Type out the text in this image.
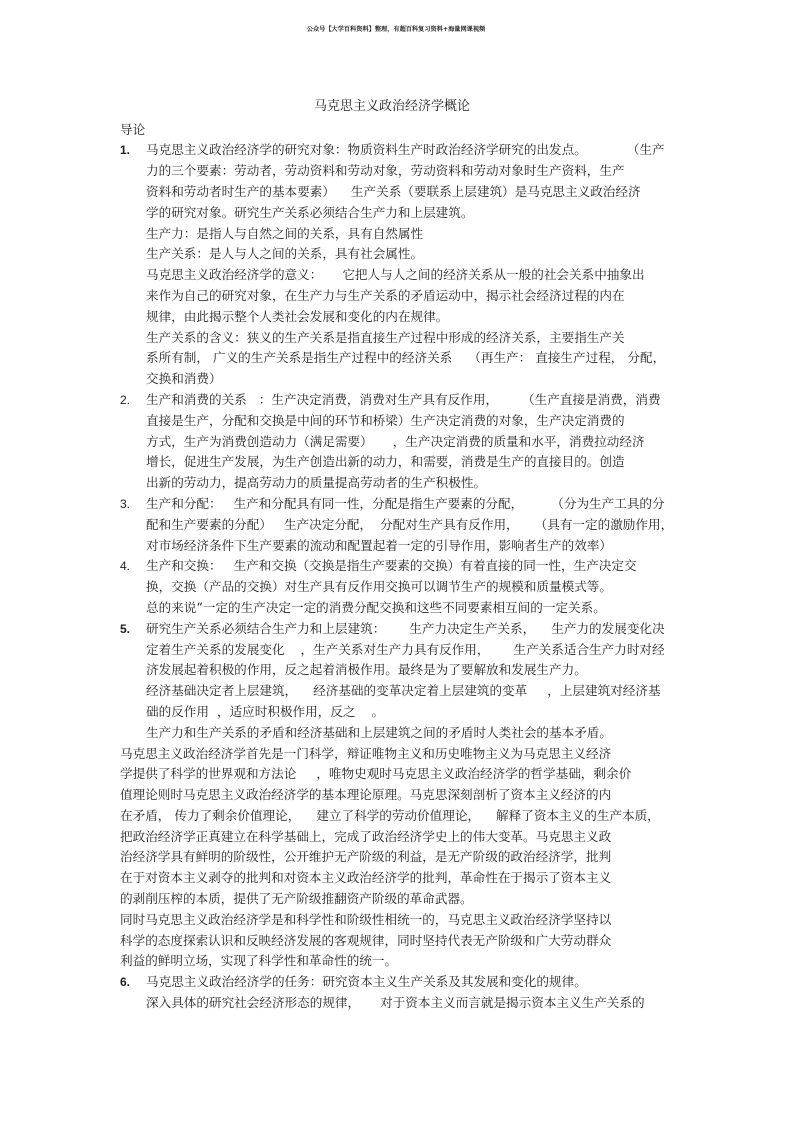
公众号【大学百科资料】整理，有超百科复习资料+海量网课视频
马克思主义政治经济学概论
导论
1. 马克思主义政治经济学的研究对象：物质资料生产时政治经济学研究的出发点。          （生产
力的三个要素：劳动者，劳动资料和劳动对象，劳动资料和劳动对象时生产资料，生产
资料和劳动者时生产的基本要素）    生产关系（要联系上层建筑）是马克思主义政治经济
学的研究对象。研究生产关系必须结合生产力和上层建筑。
生产力：是指人与自然之间的关系，具有自然属性
生产关系：是人与人之间的关系，具有社会属性。
马克思主义政治经济学的意义：     它把人与人之间的经济关系从一般的社会关系中抽象出
来作为自己的研究对象，在生产力与生产关系的矛盾运动中，揭示社会经济过程的内在
规律，由此揭示整个人类社会发展和变化的内在规律。
生产关系的含义：狭义的生产关系是指直接生产过程中形成的经济关系，主要指生产关
系所有制， 广义的生产关系是指生产过程中的经济关系    （再生产： 直接生产过程， 分配，
交换和消费）
2. 生产和消费的关系   ：生产决定消费，消费对生产具有反作用，      （生产直接是消费，消费
直接是生产，分配和交换是中间的环节和桥梁）生产决定消费的对象，生产决定消费的
方式，生产为消费创造动力（满足需要）     ，生产决定消费的质量和水平，消费拉动经济
增长，促进生产发展，为生产创造出新的动力，和需要，消费是生产的直接目的。创造
出新的劳动力，提高劳动力的质量提高劳动者的生产积极性。
3. 生产和分配：   生产和分配具有同一性，分配是指生产要素的分配，       （分为生产工具的分
配和生产要素的分配）   生产决定分配，  分配对生产具有反作用，    （具有一定的激励作用，
对市场经济条件下生产要素的流动和配置起着一定的引导作用，影响者生产的效率）
4. 生产和交换：   生产和交换（交换是指生产要素的交换）有着直接的同一性，生产决定交
换，交换（产品的交换）对生产具有反作用交换可以调节生产的规模和质量模式等。
总的来说“一定的生产决定一定的消费分配交换和这些不同要素相互间的一定关系。
5. 研究生产关系必须结合生产力和上层建筑：      生产力决定生产关系，    生产力的发展变化决
定着生产关系的发展变化    ，生产关系对生产力具有反作用，      生产关系适合生产力时对经
济发展起着积极的作用，反之起着消极作用。最终是为了要解放和发展生产力。
经济基础决定者上层建筑，    经济基础的变革决定着上层建筑的变革     ，上层建筑对经济基
础的反作用  ，适应时积极作用，反之    。
生产力和生产关系的矛盾和经济基础和上层建筑之间的矛盾时人类社会的基本矛盾。
马克思主义政治经济学首先是一门科学，辩证唯物主义和历史唯物主义为马克思主义经济
学提供了科学的世界观和方法论     ，唯物史观时马克思主义政治经济学的哲学基础，剩余价
值理论则时马克思主义政治经济学的基本理论原理。马克思深刻剖析了资本主义经济的内
在矛盾， 传力了剩余价值理论，    建立了科学的劳动价值理论，    解释了资本主义的生产本质，
把政治经济学正真建立在科学基础上，完成了政治经济学史上的伟大变革。马克思主义政
治经济学具有鲜明的阶级性，公开维护无产阶级的利益，是无产阶级的政治经济学，批判
在于对资本主义剥夺的批判和对资本主义政治经济学的批判，革命性在于揭示了资本主义
的剥削压榨的本质，提供了无产阶级推翻资产阶级的革命武器。
同时马克思主义政治经济学是和科学性和阶级性相统一的，马克思主义政治经济学坚持以
科学的态度探索认识和反映经济发展的客观规律，同时坚持代表无产阶级和广大劳动群众
利益的鲜明立场，实现了科学性和革命性的统一。
6. 马克思主义政治经济学的任务：研究资本主义生产关系及其发展和变化的规律。
深入具体的研究社会经济形态的规律，     对于资本主义而言就是揭示资本主义生产关系的
